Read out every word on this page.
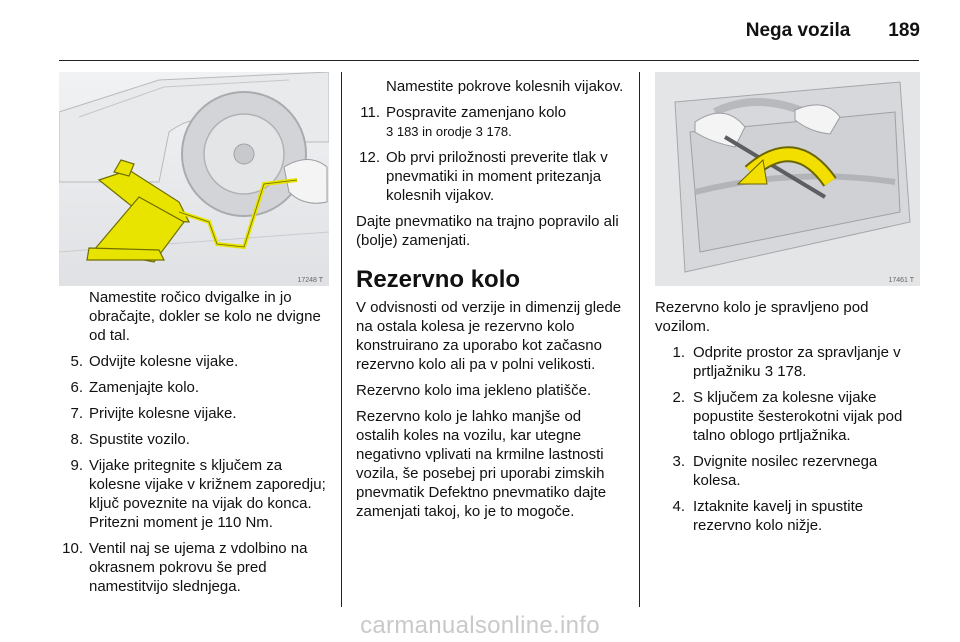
Nega vozila 189
17248 T	17461 T

Namestite ročico dvigalke in jo obračajte, dokler se kolo ne dvigne od tal.

5. Odvijte kolesne vijake.
6. Zamenjajte kolo.
7. Privijte kolesne vijake.
8. Spustite vozilo.
9. Vijake pritegnite s ključem za kolesne vijake v križnem zaporedju; ključ poveznite na vijak do konca. Pritezni moment je 110 Nm.
10. Ventil naj se ujema z vdolbino na okrasnem pokrovu še pred namestitvijo slednjega.

Namestite pokrove kolesnih vijakov.

11. Pospravite zamenjano kolo
3 183 in orodje 3 178.
12. Ob prvi priložnosti preverite tlak v pnevmatiki in moment pritezanja kolesnih vijakov.

Dajte pnevmatiko na trajno popravilo ali (bolje) zamenjati.

Rezervno kolo

V odvisnosti od verzije in dimenzij glede na ostala kolesa je rezervno kolo konstruirano za uporabo kot začasno rezervno kolo ali pa v polni velikosti.

Rezervno kolo ima jekleno platišče.

Rezervno kolo je lahko manjše od ostalih koles na vozilu, kar utegne negativno vplivati na krmilne lastnosti vozila, še posebej pri uporabi zimskih pnevmatik Defektno pnevmatiko dajte zamenjati takoj, ko je to mogoče.

Rezervno kolo je spravljeno pod vozilom.

1. Odprite prostor za spravljanje v prtljažniku 3 178.
2. S ključem za kolesne vijake popustite šesterokotni vijak pod talno oblogo prtljažnika.
3. Dvignite nosilec rezervnega kolesa.
4. Iztaknite kavelj in spustite rezervno kolo nižje.
carmanualsonline.info
